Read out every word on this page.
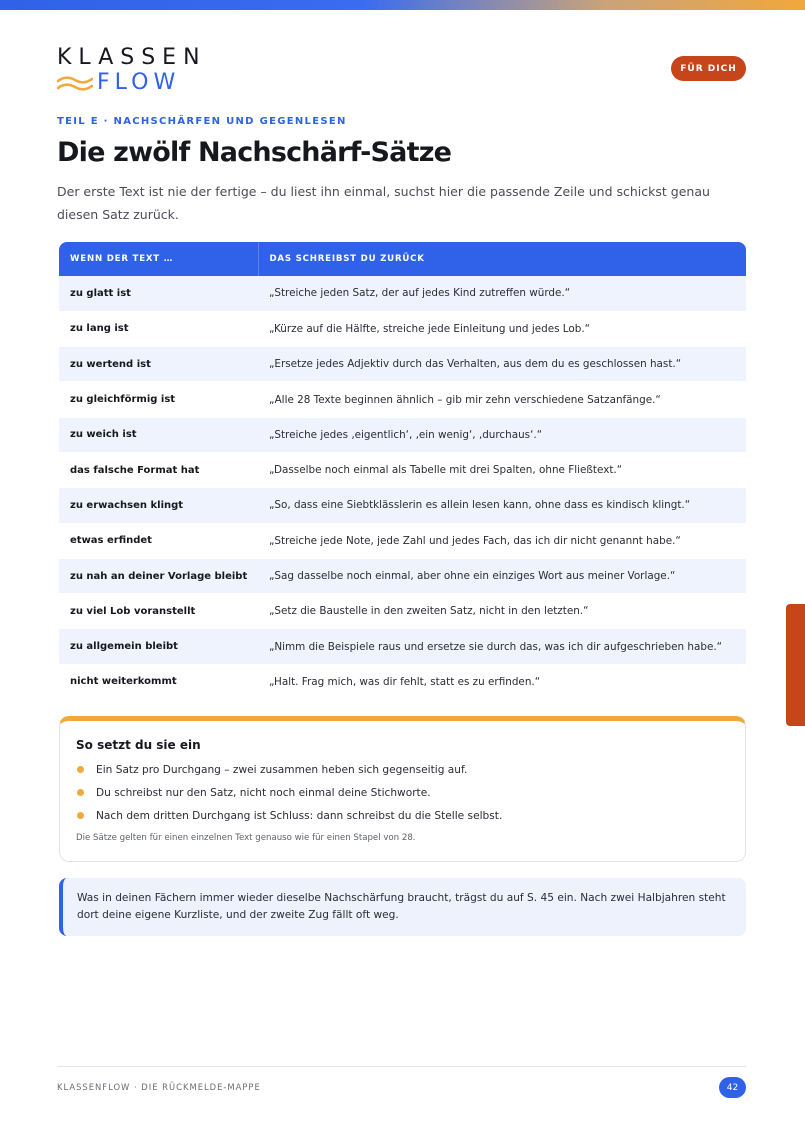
KLASSEN
FLOW
FÜR DICH
TEIL E · NACHSCHÄRFEN UND GEGENLESEN
Die zwölf Nachschärf-Sätze

Der erste Text ist nie der fertige – du liest ihn einmal, suchst hier die passende Zeile und schickst genau diesen Satz zurück.

WENN DER TEXT …	DAS SCHREIBST DU ZURÜCK
zu glatt ist	„Streiche jeden Satz, der auf jedes Kind zutreffen würde.“
zu lang ist	„Kürze auf die Hälfte, streiche jede Einleitung und jedes Lob.“
zu wertend ist	„Ersetze jedes Adjektiv durch das Verhalten, aus dem du es geschlossen hast.“
zu gleichförmig ist	„Alle 28 Texte beginnen ähnlich – gib mir zehn verschiedene Satzanfänge.“
zu weich ist	„Streiche jedes ‚eigentlich‘, ‚ein wenig‘, ‚durchaus‘.“
das falsche Format hat	„Dasselbe noch einmal als Tabelle mit drei Spalten, ohne Fließtext.“
zu erwachsen klingt	„So, dass eine Siebtklässlerin es allein lesen kann, ohne dass es kindisch klingt.“
etwas erfindet	„Streiche jede Note, jede Zahl und jedes Fach, das ich dir nicht genannt habe.“
zu nah an deiner Vorlage bleibt	„Sag dasselbe noch einmal, aber ohne ein einziges Wort aus meiner Vorlage.“
zu viel Lob voranstellt	„Setz die Baustelle in den zweiten Satz, nicht in den letzten.“
zu allgemein bleibt	„Nimm die Beispiele raus und ersetze sie durch das, was ich dir aufgeschrieben habe.“
nicht weiterkommt	„Halt. Frag mich, was dir fehlt, statt es zu erfinden.“
So setzt du sie ein
Ein Satz pro Durchgang – zwei zusammen heben sich gegenseitig auf.
Du schreibst nur den Satz, nicht noch einmal deine Stichworte.
Nach dem dritten Durchgang ist Schluss: dann schreibst du die Stelle selbst.
Die Sätze gelten für einen einzelnen Text genauso wie für einen Stapel von 28.
Was in deinen Fächern immer wieder dieselbe Nachschärfung braucht, trägst du auf S. 45 ein. Nach zwei Halbjahren steht dort deine eigene Kurzliste, und der zweite Zug fällt oft weg.
KLASSENFLOW · DIE RÜCKMELDE-MAPPE	42
